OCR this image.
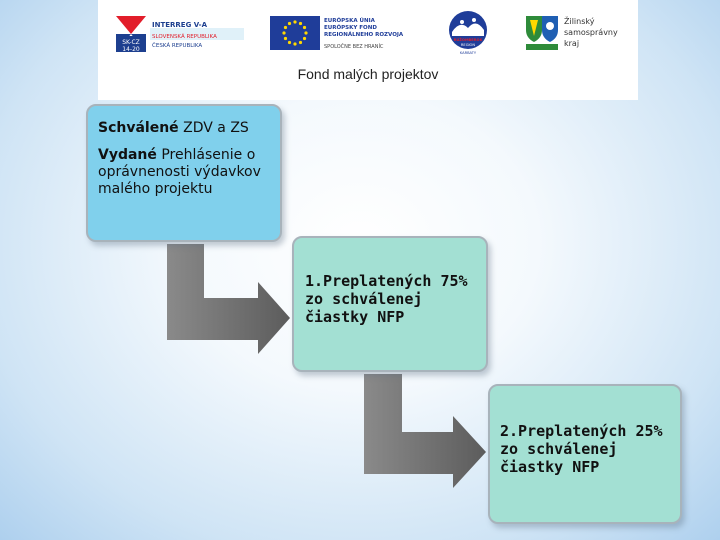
SK-CZ
14-20
INTERREG V-A
SLOVENSKÁ REPUBLIKA
ČESKÁ REPUBLIKA
EURÓPSKA ÚNIA
EURÓPSKY FOND
REGIONÁLNEHO ROZVOJA
SPOLOČNE BEZ HRANÍC
RUŽOMBEROK
REGION
KARBATY
Žilinský
samosprávny
kraj
Fond malých projektov

Schválené ZDV a ZS

Vydané Prehlásenie o oprávnenosti výdavkov malého projektu

1.Preplatených 75% zo schválenej čiastky NFP
2.Preplatených 25% zo schválenej čiastky NFP
